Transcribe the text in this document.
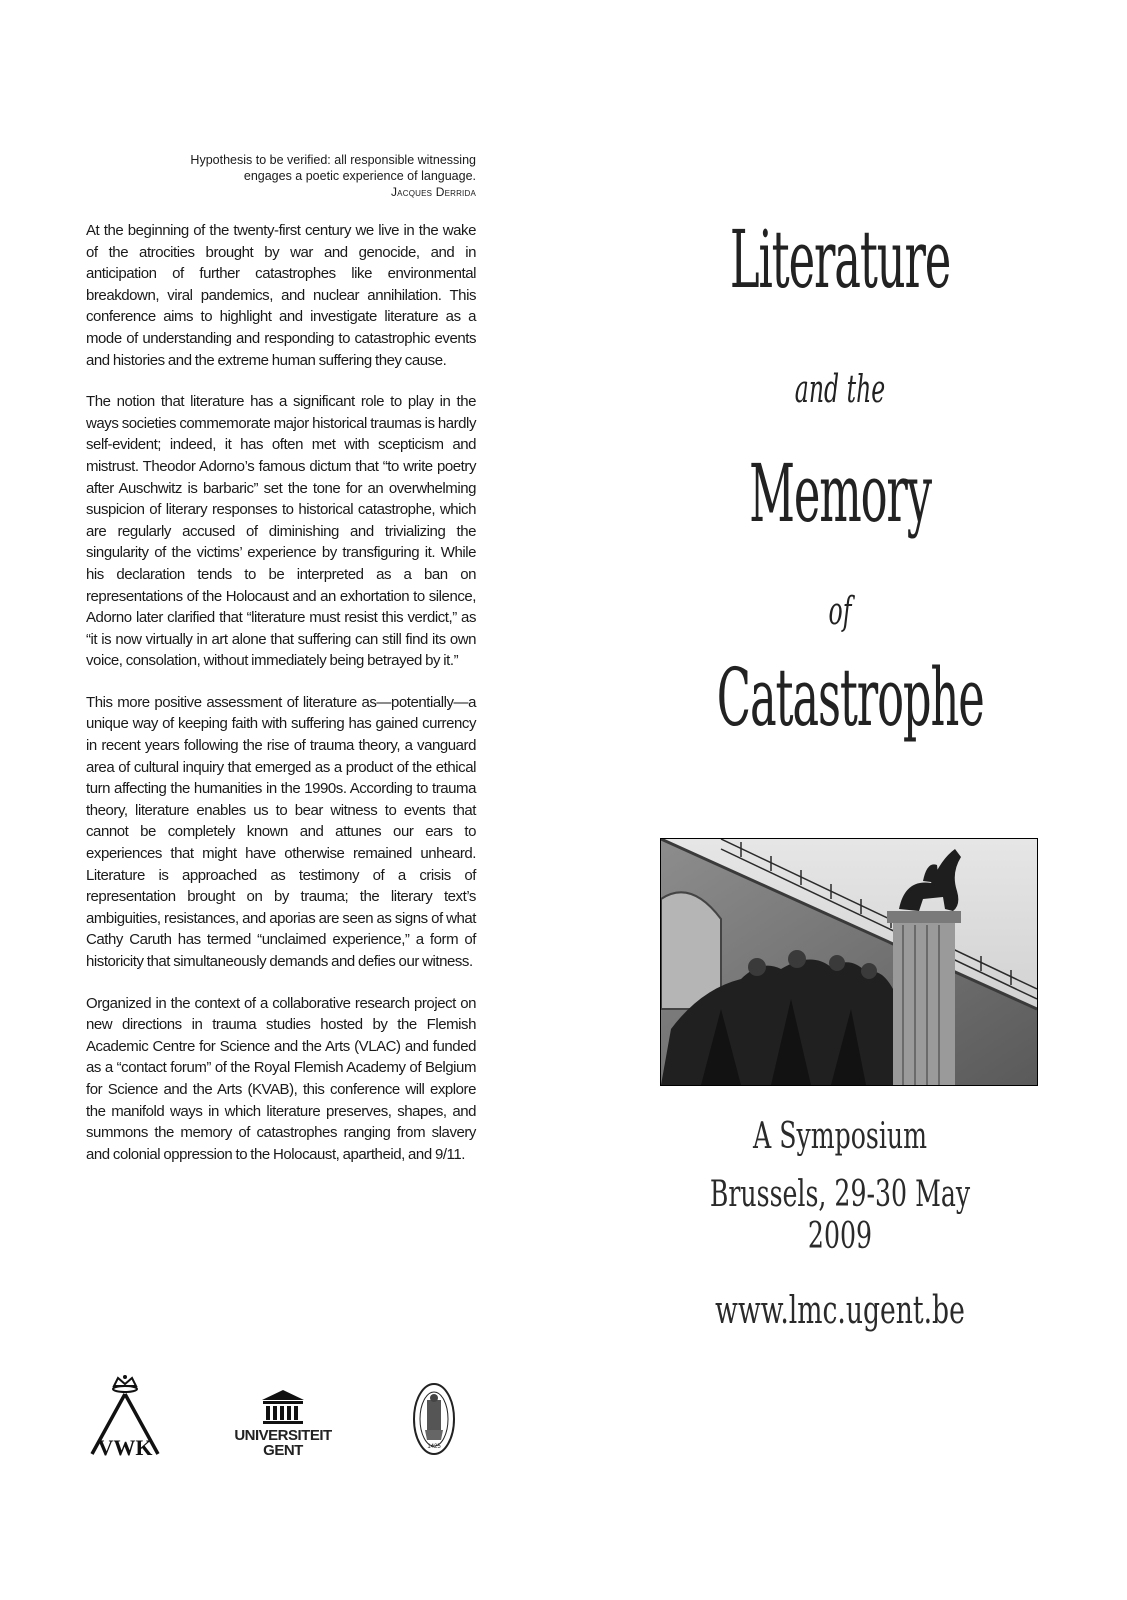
Hypothesis to be verified: all responsible witnessing
engages a poetic experience of language.
Jacques Derrida

At the beginning of the twenty-first century we live in the wake of the atrocities brought by war and genocide, and in anticipation of further catastrophes like environmental breakdown, viral pandemics, and nuclear annihilation. This conference aims to highlight and investigate literature as a mode of understanding and responding to catastrophic events and histories and the extreme human suffering they cause.

The notion that literature has a significant role to play in the ways societies commemorate major historical traumas is hardly self-evident; indeed, it has often met with scepticism and mistrust. Theodor Adorno’s famous dictum that “to write poetry after Auschwitz is barbaric” set the tone for an overwhelming suspicion of literary responses to historical catastrophe, which are regularly accused of diminishing and trivializing the singularity of the victims’ experience by transfiguring it. While his declaration tends to be interpreted as a ban on representations of the Holocaust and an exhortation to silence, Adorno later clarified that “literature must resist this verdict,” as “it is now virtually in art alone that suffering can still find its own voice, consolation, without immediately being betrayed by it.”

This more positive assessment of literature as—potentially—a unique way of keeping faith with suffering has gained currency in recent years following the rise of trauma theory, a vanguard area of cultural inquiry that emerged as a product of the ethical turn affecting the humanities in the 1990s. According to trauma theory, literature enables us to bear witness to events that cannot be completely known and attunes our ears to experiences that might have otherwise remained unheard. Literature is approached as testimony of a crisis of representation brought on by trauma; the literary text’s ambiguities, resistances, and aporias are seen as signs of what Cathy Caruth has termed “unclaimed experience,” a form of historicity that simultaneously demands and defies our witness.

Organized in the context of a collaborative research project on new directions in trauma studies hosted by the Flemish Academic Centre for Science and the Arts (VLAC) and funded as a “contact forum” of the Royal Flemish Academy of Belgium for Science and the Arts (KVAB), this conference will explore the manifold ways in which literature preserves, shapes, and summons the memory of catastrophes ranging from slavery and colonial oppression to the Holocaust, apartheid, and 9/11.

VWK	UNIVERSITEIT
GENT	1425
Literature
and the
Memory
of
Catastrophe
A Symposium
Brussels, 29-30 May 2009
www.lmc.ugent.be
